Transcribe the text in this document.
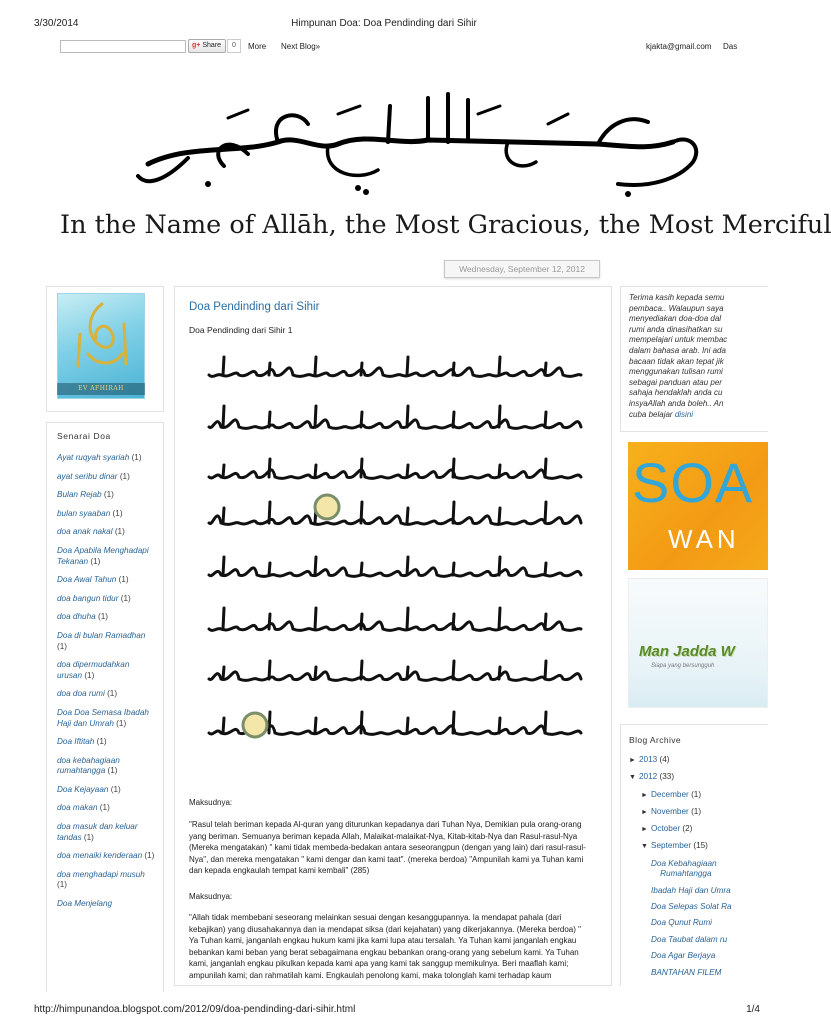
3/30/2014	Himpunan Doa: Doa Pendinding dari Sihir
g+ Share	0	More Next Blog»	kjakta@gmail.com Das
In the Name of Allāh, the Most Gracious, the Most Merciful
Wednesday, September 12, 2012
EV AFHIRAH
Senarai Doa
Ayat ruqyah syariah (1)
ayat seribu dinar (1)
Bulan Rejab (1)
bulan syaaban (1)
doa anak nakal (1)
Doa Apabila Menghadapi Tekanan (1)
Doa Awal Tahun (1)
doa bangun tidur (1)
doa dhuha (1)
Doa di bulan Ramadhan (1)
doa dipermudahkan urusan (1)
doa doa rumi (1)
Doa Doa Semasa Ibadah Haji dan Umrah (1)
Doa Iftitah (1)
doa kebahagiaan rumahtangga (1)
Doa Kejayaan (1)
doa makan (1)
doa masuk dan keluar tandas (1)
doa menaiki kenderaan (1)
doa menghadapi musuh (1)
Doa Menjelang
Doa Pendinding dari Sihir
Doa Pendinding dari Sihir 1
Maksudnya:
"Rasul telah beriman kepada Al-quran yang diturunkan kepadanya dari Tuhan Nya, Demikian pula orang-orang yang beriman. Semuanya beriman kepada Allah, Malaikat-malaikat-Nya, Kitab-kitab-Nya dan Rasul-rasul-Nya (Mereka mengatakan) " kami tidak membeda-bedakan antara seseorangpun (dengan yang lain) dari rasul-rasul-Nya", dan mereka mengatakan " kami dengar dan kami taat". (mereka berdoa) "Ampunilah kami ya Tuhan kami dan kepada engkaulah tempat kami kembali" (285)
Maksudnya:
"Allah tidak membebani seseorang melainkan sesuai dengan kesanggupannya. la mendapat pahala (dari kebajikan) yang diusahakannya dan ia mendapat siksa (dari kejahatan) yang dikerjakannya. (Mereka berdoa) " Ya Tuhan kami, janganlah engkau hukum kami jika kami lupa atau tersalah. Ya Tuhan kami janganlah engkau bebankan kami beban yang berat sebagaimana engkau bebankan orang-orang yang sebelum kami. Ya Tuhan kami, janganlah engkau pikulkan kepada kami apa yang kami tak sanggup memikulnya. Beri maaflah kami; ampunilah kami; dan rahmatilah kami. Engkaulah penolong kami, maka tolonglah kami terhadap kaum
Terima kasih kepada semu
pembaca.. Walaupun saya
menyediakan doa-doa dal
rumi anda dinasihatkan su
mempelajari untuk membac
dalam bahasa arab. Ini ada
bacaan tidak akan tepat jik
menggunakan tulisan rumi
sebagai panduan atau per
sahaja hendaklah anda cu
insyaAllah anda boleh.. An
cuba belajar disini
SOA
WAN
Man Jadda W
Siapa yang bersungguh
Blog Archive
► 2013 (4)
▼ 2012 (33)
► December (1)
► November (1)
► October (2)
▼ September (15)
Doa Kebahagiaan
Rumahtangga
Ibadah Haji dan Umra
Doa Selepas Solat Ra
Doa Qunut Rumi
Doa Taubat dalam ru
Doa Agar Berjaya
BANTAHAN FILEM
http://himpunandoa.blogspot.com/2012/09/doa-pendinding-dari-sihir.html	1/4
